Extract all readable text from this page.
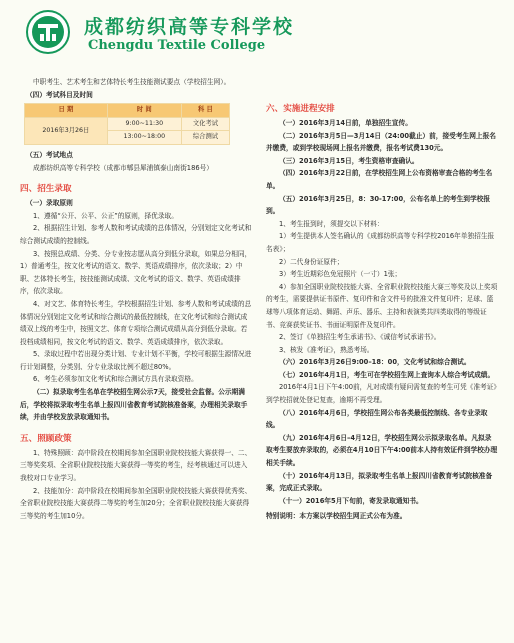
成都纺织高等专科学校
Chengdu Textile College

中职考生、艺术考生和艺体特长考生技能测试要点（学校招生网）。

（四）考试科目及时间

日 期	时 间	科 目
2016年3月26日	9:00~11:30	文化考试
	13:00~18:00	综合测试

（五）考试地点

成都纺织高等专科学校（成都市郫县犀浦镇泰山南街186号）

四、招生录取

（一）录取原则

1、遵循“公开、公平、公正”的原则，择优录取。

2、根据招生计划、参考人数和考试成绩的总体情况，分别划定文化考试和综合测试成绩的控制线。

3、按照总成绩、分类、分专业按志愿从高分到低分录取，如果总分相同，1）普通考生，按文化考试的语文、数学、英语成绩排序，依次录取；2）中职、艺体特长考生，按技能测试成绩、文化考试的语文、数学、英语成绩排序，依次录取。

4、对文艺、体育特长考生，学校根据招生计划、参考人数和考试成绩的总体情况分别划定文化考试和综合测试的最低控制线，在文化考试和综合测试成绩双上线的考生中，按照文艺、体育专项综合测试成绩从高分到低分录取。若投档成绩相同，按文化考试的语文、数学、英语成绩排序，依次录取。

5、录取过程中若出现分类计划、专业计划不平衡，学校可根据生源情况进行计划调整，分类别、分专业录取比例不超过80%。

6、考生必须参加文化考试和综合测试方具有录取资格。

（二）拟录取考生名单在学校招生网公示7天，接受社会监督。公示期满后，学校将拟录取考生名单上报四川省教育考试院核准备案，办理相关录取手续，并由学校发放录取通知书。

五、照顾政策

1、特殊照顾：高中阶段在校期间参加全国职业院校技能大赛获得一、二、三等奖奖项、全省职业院校技能大赛获得一等奖的考生，经考核通过可以进入我校对口专业学习。

2、技能加分：高中阶段在校期间参加全国职业院校技能大赛获得优秀奖、全省职业院校技能大赛获得二等奖的考生加20分；全省职业院校技能大赛获得三等奖的考生加10分。

六、实施进程安排

（一）2016年3月14日前，单独招生宣传。

（二）2016年3月5日—3月14日（24:00截止）前，接受考生网上报名并缴费，或到学校现场网上报名并缴费，报名考试费130元。

（三）2016年3月15日，考生资格审查确认。

（四）2016年3月22日前，在学校招生网上公布资格审查合格的考生名单。

（五）2016年3月25日，8：30-17:00，公布名单上的考生到学校报到。

1、考生报到时，须提交以下材料：

1）考生提供本人签名确认的《成都纺织高等专科学校2016年单独招生报名表》；

2）二代身份证原件；

3）考生近期彩色免冠照片（一寸）1张；

4）参加全国职业院校技能大赛、全省职业院校技能大赛三等奖及以上奖项的考生，需要提供证书原件、复印件和含文件号的批准文件复印件；足球、篮球等八项体育运动、舞蹈、声乐、器乐、主持和表演类共四类取得的等级证书、竞赛获奖证书、书面证明原件及复印件。

2、签订《单独招生考生承诺书》、《诚信考试承诺书》。

3、核发《准考证》，熟悉考场。

（六）2016年3月26日9:00–18：00，文化考试和综合测试。

（七）2016年4月1日，考生可在学校招生网上查询本人综合考试成绩。

2016年4月1日下午4:00前，凡对成绩有疑问需复查的考生可凭《准考证》到学校招就处登记复查，逾期不再受理。

（八）2016年4月6日，学校招生网公布各类最低控制线、各专业录取线。

（九）2016年4月6日–4月12日，学校招生网公示拟录取名单。凡拟录取考生要放弃录取的，必须在4月10日下午4:00前本人持有效证件到学校办理相关手续。

（十）2016年4月13日，拟录取考生名单上报四川省教育考试院核准备案，完成正式录取。

（十一）2016年5月下旬前，寄发录取通知书。

特别说明：本方案以学校招生网正式公布为准。
